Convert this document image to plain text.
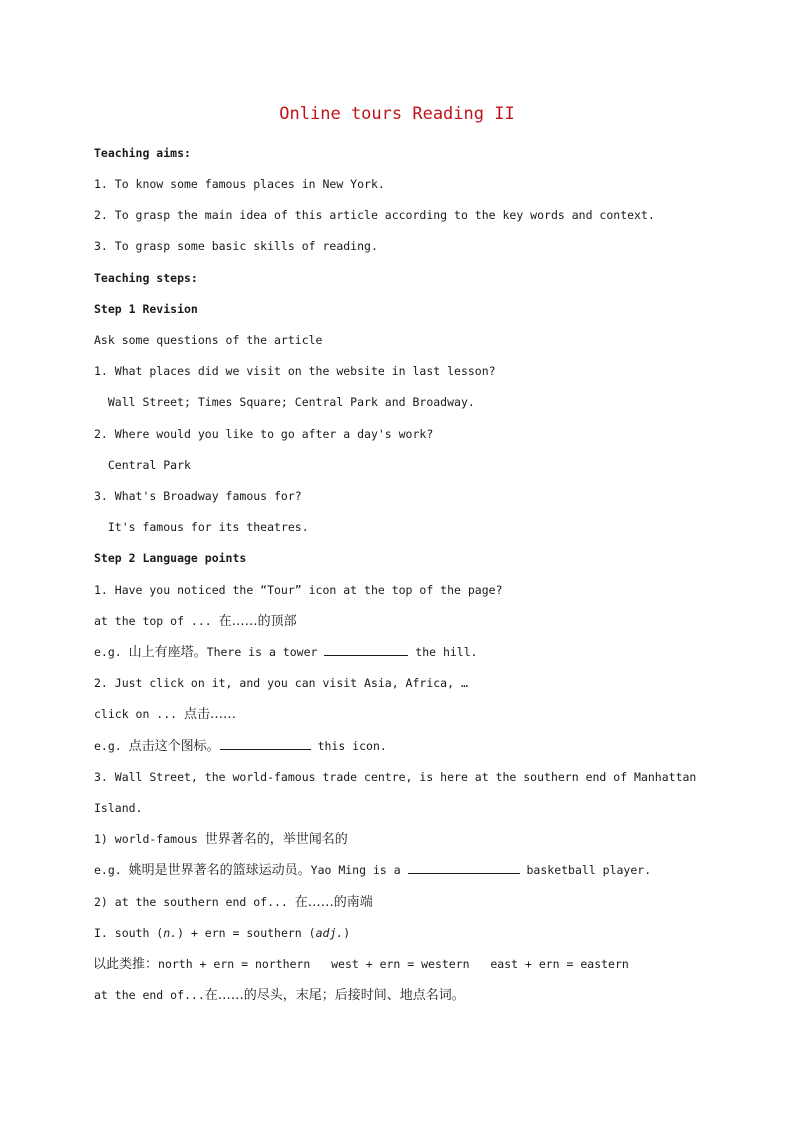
Online tours Reading II
Teaching aims:
1. To know some famous places in New York.
2. To grasp the main idea of this article according to the key words and context.
3. To grasp some basic skills of reading.
Teaching steps:
Step 1 Revision
Ask some questions of the article
1. What places did we visit on the website in last lesson?
Wall Street; Times Square; Central Park and Broadway.
2. Where would you like to go after a day's work?
Central Park
3. What's Broadway famous for?
It's famous for its theatres.
Step 2 Language points
1. Have you noticed the “Tour” icon at the top of the page?
at the top of ... 在……的顶部
e.g. 山上有座塔。There is a tower	the hill.
2. Just click on it, and you can visit Asia, Africa, …
click on ... 点击……
e.g. 点击这个图标。	this icon.
3. Wall Street, the world-famous trade centre, is here at the southern end of Manhattan
Island.
1) world-famous 世界著名的，举世闻名的
e.g. 姚明是世界著名的篮球运动员。Yao Ming is a	basketball player.
2) at the southern end of... 在……的南端
I. south (n.) + ern = southern (adj.)
以此类推：north + ern = northern   west + ern = western   east + ern = eastern
at the end of...在……的尽头，末尾；后接时间、地点名词。
